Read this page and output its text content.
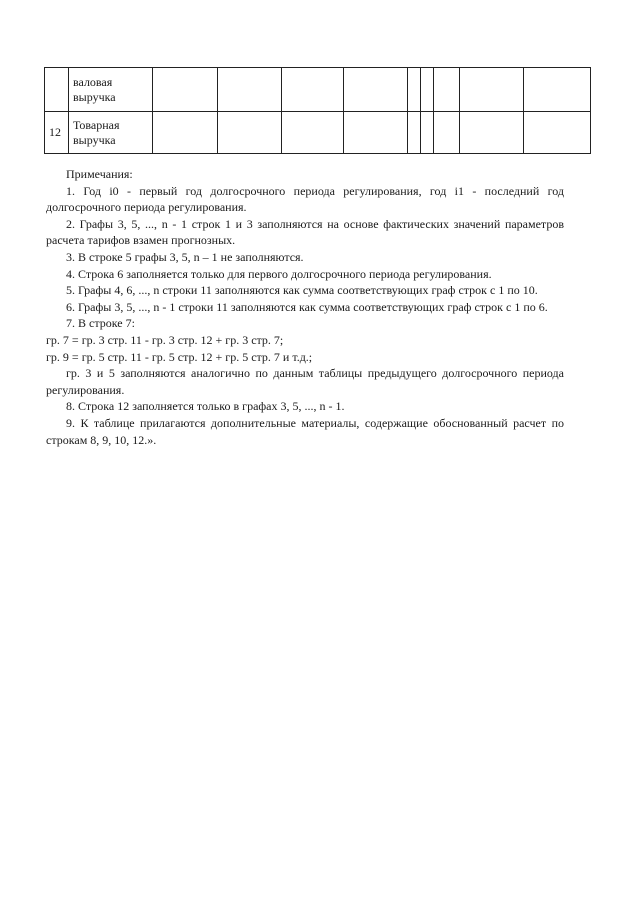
	валовая
выручка									

12	Товарная
выручка									

Примечания:

1. Год i0 - первый год долгосрочного периода регулирования, год i1 - последний год долгосрочного периода регулирования.

2. Графы 3, 5, ..., n - 1 строк 1 и 3 заполняются на основе фактических значений параметров расчета тарифов взамен прогнозных.

3. В строке 5 графы 3, 5, n – 1 не заполняются.

4. Строка 6 заполняется только для первого долгосрочного периода регулирования.

5. Графы 4, 6, ..., n строки 11 заполняются как сумма соответствующих граф строк с 1 по 10.

6. Графы 3, 5, ..., n - 1 строки 11 заполняются как сумма соответствующих граф строк с 1 по 6.

7. В строке 7:

гр. 7 = гр. 3 стр. 11 - гр. 3 стр. 12 + гр. 3 стр. 7;

гр. 9 = гр. 5 стр. 11 - гр. 5 стр. 12 + гр. 5 стр. 7 и т.д.;

гр. 3 и 5 заполняются аналогично по данным таблицы предыдущего долгосрочного периода регулирования.

8. Строка 12 заполняется только в графах 3, 5, ..., n - 1.

9. К таблице прилагаются дополнительные материалы, содержащие обоснованный расчет по строкам 8, 9, 10, 12.».
